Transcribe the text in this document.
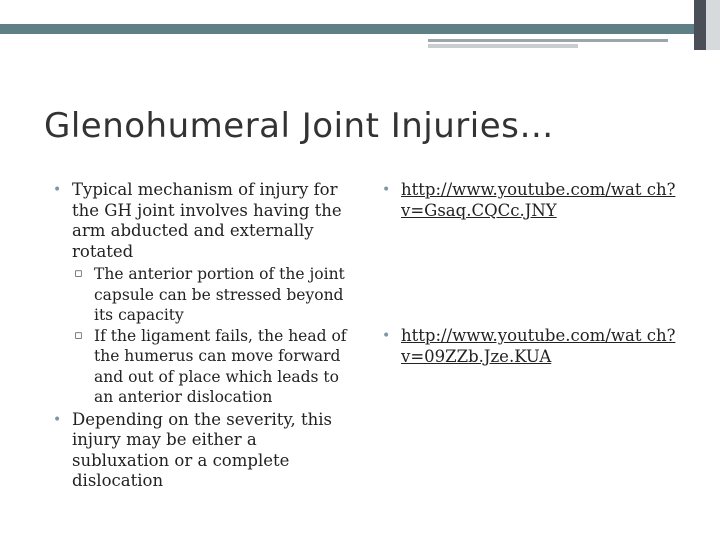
Glenohumeral Joint Injuries…
• Typical mechanism of injury for the GH joint involves having the arm abducted and externally rotated
▫ The anterior portion of the joint capsule can be stressed beyond its capacity
▫ If the ligament fails, the head of the humerus can move forward and out of place which leads to an anterior dislocation
• Depending on the severity, this injury may be either a subluxation or a complete dislocation
• http://www.youtube.com/wat ch?v=Gsaq.CQCc.JNY
• http://www.youtube.com/wat ch?v=09ZZb.Jze.KUA
